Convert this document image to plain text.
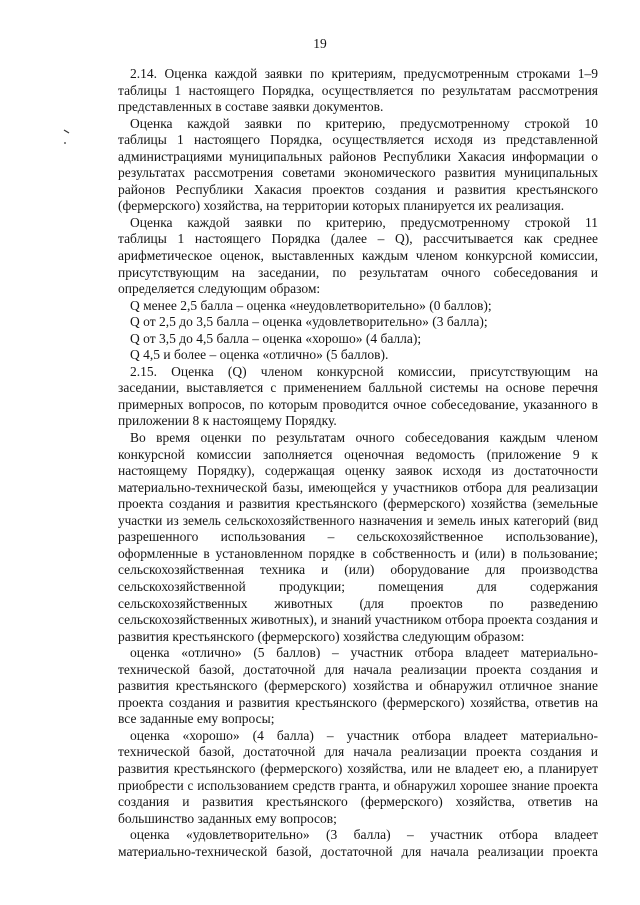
19
2.14. Оценка каждой заявки по критериям, предусмотренным строками 1–9
таблицы 1 настоящего Порядка, осуществляется по результатам рассмотрения
представленных в составе заявки документов.
Оценка каждой заявки по критерию, предусмотренному строкой 10
таблицы 1 настоящего Порядка, осуществляется исходя из представленной
администрациями муниципальных районов Республики Хакасия информации о
результатах рассмотрения советами экономического развития муниципальных
районов Республики Хакасия проектов создания и развития крестьянского
(фермерского) хозяйства, на территории которых планируется их реализация.
Оценка каждой заявки по критерию, предусмотренному строкой 11
таблицы 1 настоящего Порядка (далее – Q), рассчитывается как среднее
арифметическое оценок, выставленных каждым членом конкурсной комиссии,
присутствующим на заседании, по результатам очного собеседования и
определяется следующим образом:
Q менее 2,5 балла – оценка «неудовлетворительно» (0 баллов);
Q от 2,5 до 3,5 балла – оценка «удовлетворительно» (3 балла);
Q от 3,5 до 4,5 балла – оценка «хорошо» (4 балла);
Q 4,5 и более – оценка «отлично» (5 баллов).
2.15. Оценка (Q) членом конкурсной комиссии, присутствующим на
заседании, выставляется с применением балльной системы на основе перечня
примерных вопросов, по которым проводится очное собеседование, указанного в
приложении 8 к настоящему Порядку.
Во время оценки по результатам очного собеседования каждым членом
конкурсной комиссии заполняется оценочная ведомость (приложение 9 к
настоящему Порядку), содержащая оценку заявок исходя из достаточности
материально-технической базы, имеющейся у участников отбора для реализации
проекта создания и развития крестьянского (фермерского) хозяйства (земельные
участки из земель сельскохозяйственного назначения и земель иных категорий (вид
разрешенного использования – сельскохозяйственное использование),
оформленные в установленном порядке в собственность и (или) в пользование;
сельскохозяйственная техника и (или) оборудование для производства
сельскохозяйственной продукции; помещения для содержания
сельскохозяйственных животных (для проектов по разведению
сельскохозяйственных животных), и знаний участником отбора проекта создания и
развития крестьянского (фермерского) хозяйства следующим образом:
оценка «отлично» (5 баллов) – участник отбора владеет материально-
технической базой, достаточной для начала реализации проекта создания и
развития крестьянского (фермерского) хозяйства и обнаружил отличное знание
проекта создания и развития крестьянского (фермерского) хозяйства, ответив на
все заданные ему вопросы;
оценка «хорошо» (4 балла) – участник отбора владеет материально-
технической базой, достаточной для начала реализации проекта создания и
развития крестьянского (фермерского) хозяйства, или не владеет ею, а планирует
приобрести с использованием средств гранта, и обнаружил хорошее знание проекта
создания и развития крестьянского (фермерского) хозяйства, ответив на
большинство заданных ему вопросов;
оценка «удовлетворительно» (3 балла) – участник отбора владеет
материально-технической базой, достаточной для начала реализации проекта
